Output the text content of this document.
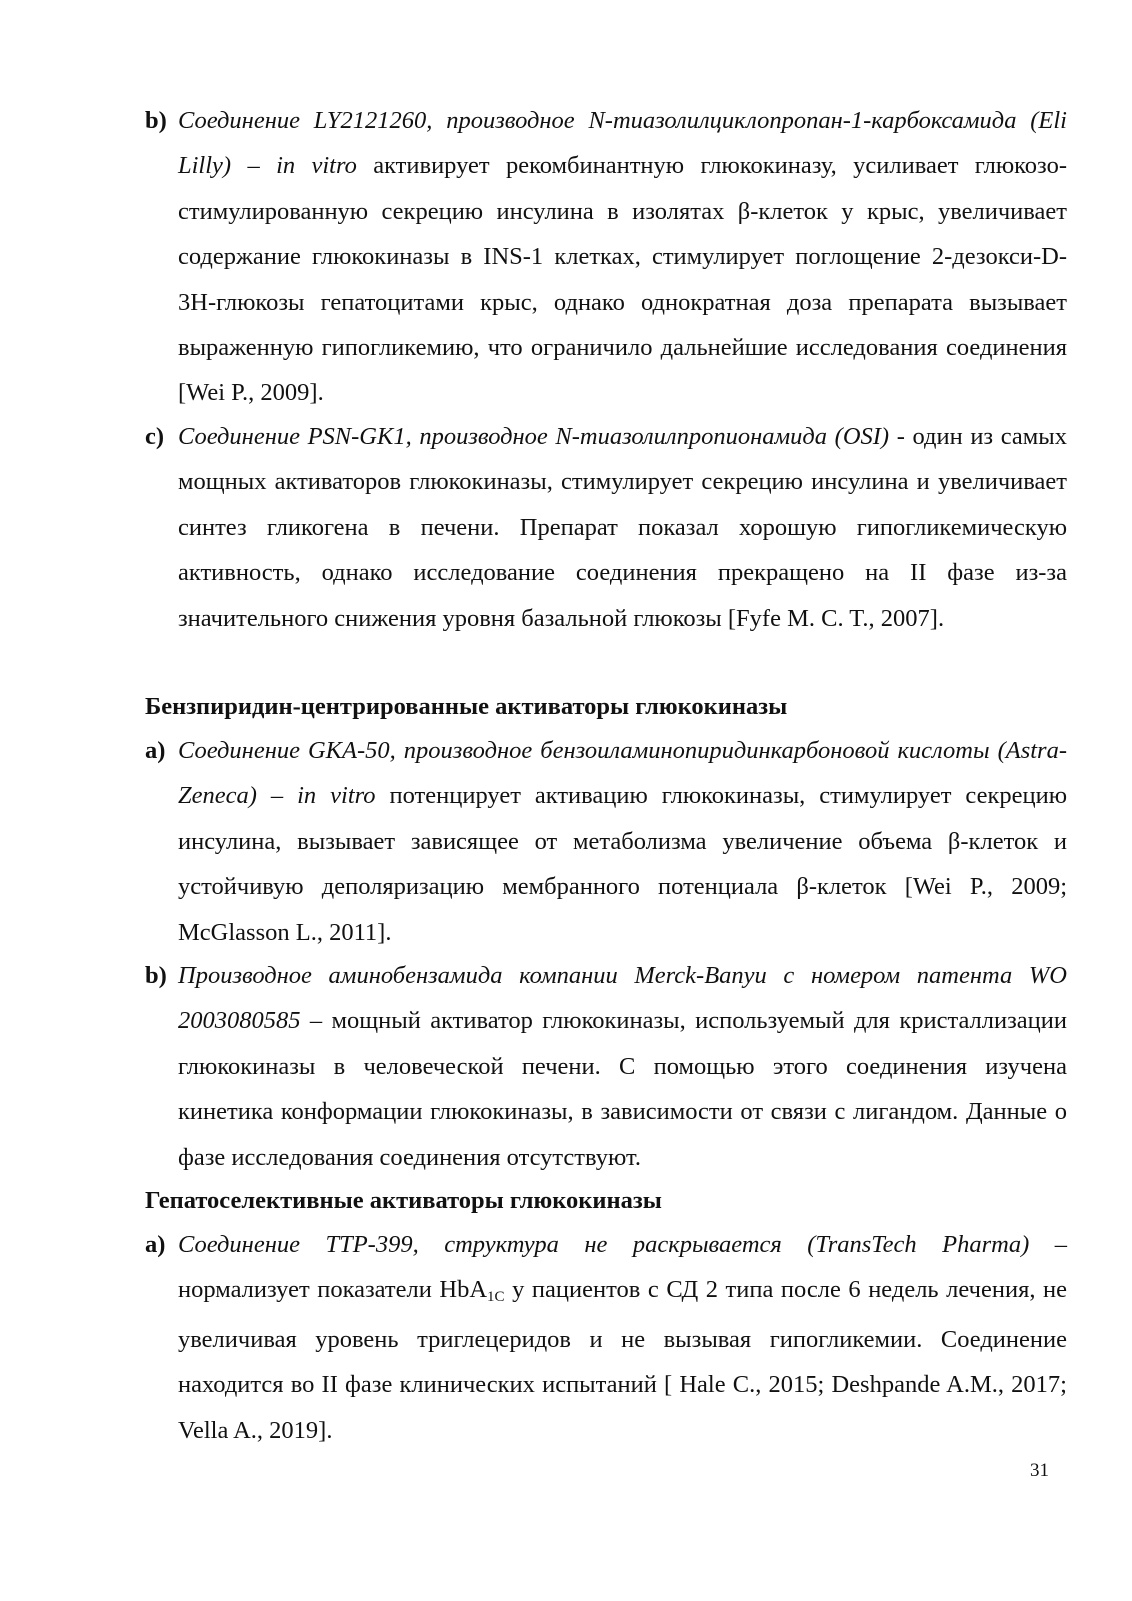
b) Соединение LY2121260, производное N-тиазолилциклопропан-1-карбоксамида (Eli Lilly) – in vitro активирует рекомбинантную глюкокиназу, усиливает глюкозо-стимулированную секрецию инсулина в изолятах β-клеток у крыс, увеличивает содержание глюкокиназы в INS-1 клетках, стимулирует поглощение 2-дезокси-D-3H-глюкозы гепатоцитами крыс, однако однократная доза препарата вызывает выраженную гипогликемию, что ограничило дальнейшие исследования соединения [Wei P., 2009].
c) Соединение PSN-GK1, производное N-тиазолилпропионамида (OSI) - один из самых мощных активаторов глюкокиназы, стимулирует секрецию инсулина и увеличивает синтез гликогена в печени. Препарат показал хорошую гипогликемическую активность, однако исследование соединения прекращено на II фазе из-за значительного снижения уровня базальной глюкозы [Fyfe M. C. T., 2007].
Бензпиридин-центрированные активаторы глюкокиназы
a) Соединение GKA-50, производное бензоиламинопиридинкарбоновой кислоты (Astra-Zeneca) – in vitro потенцирует активацию глюкокиназы, стимулирует секрецию инсулина, вызывает зависящее от метаболизма увеличение объема β-клеток и устойчивую деполяризацию мембранного потенциала β-клеток [Wei P., 2009; McGlasson L., 2011].
b) Производное аминобензамида компании Merck-Banyu с номером патента WO 2003080585 – мощный активатор глюкокиназы, используемый для кристаллизации глюкокиназы в человеческой печени. С помощью этого соединения изучена кинетика конформации глюкокиназы, в зависимости от связи с лигандом. Данные о фазе исследования соединения отсутствуют.
Гепатоселективные активаторы глюкокиназы
a) Соединение TTP-399, структура не раскрывается (TransTech Pharma) – нормализует показатели HbA$_{1C}$ у пациентов с СД 2 типа после 6 недель лечения, не увеличивая уровень триглецеридов и не вызывая гипогликемии. Соединение находится во II фазе клинических испытаний [ Hale C., 2015; Deshpande A.M., 2017; Vella A., 2019].
31
